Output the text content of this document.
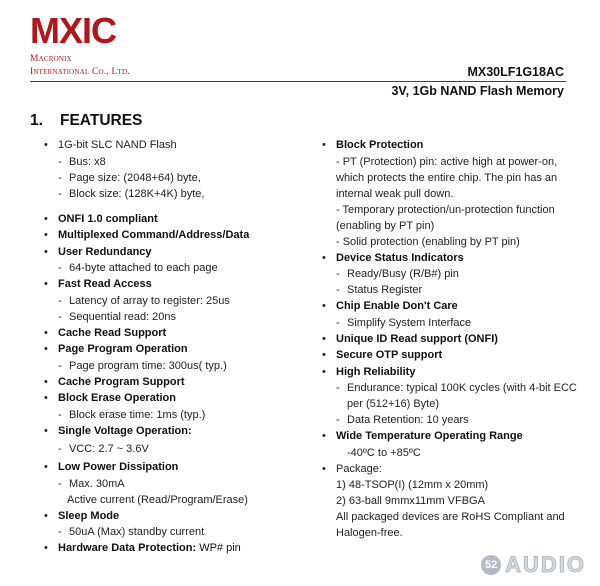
MXIC
Macronix
International Co., Ltd.	MX30LF1G18AC
3V, 1Gb NAND Flash Memory
1. FEATURES
• 1G-bit SLC NAND Flash
- Bus: x8
- Page size: (2048+64) byte,
- Block size: (128K+4K) byte,
• ONFI 1.0 compliant
• Multiplexed Command/Address/Data
• User Redundancy
- 64-byte attached to each page
• Fast Read Access
- Latency of array to register: 25us
- Sequential read: 20ns
• Cache Read Support
• Page Program Operation
- Page program time: 300us( typ.)
• Cache Program Support
• Block Erase Operation
- Block erase time: 1ms (typ.)
• Single Voltage Operation:
- VCC: 2.7 ~ 3.6V
• Low Power Dissipation
- Max. 30mA
Active current (Read/Program/Erase)
• Sleep Mode
- 50uA (Max) standby current
• Hardware Data Protection: WP# pin
• Block Protection
- PT (Protection) pin: active high at power-on, which protects the entire chip. The pin has an internal weak pull down.
- Temporary protection/un-protection function (enabling by PT pin)
- Solid protection (enabling by PT pin)
• Device Status Indicators
- Ready/Busy (R/B#) pin
- Status Register
• Chip Enable Don't Care
- Simplify System Interface
• Unique ID Read support (ONFI)
• Secure OTP support
• High Reliability
- Endurance: typical 100K cycles (with 4-bit ECC per (512+16) Byte)
- Data Retention: 10 years
• Wide Temperature Operating Range
-40ºC to +85ºC
• Package:
1) 48-TSOP(I) (12mm x 20mm)
2) 63-ball 9mmx11mm VFBGA
All packaged devices are RoHS Compliant and Halogen-free.
52 AUDIO
